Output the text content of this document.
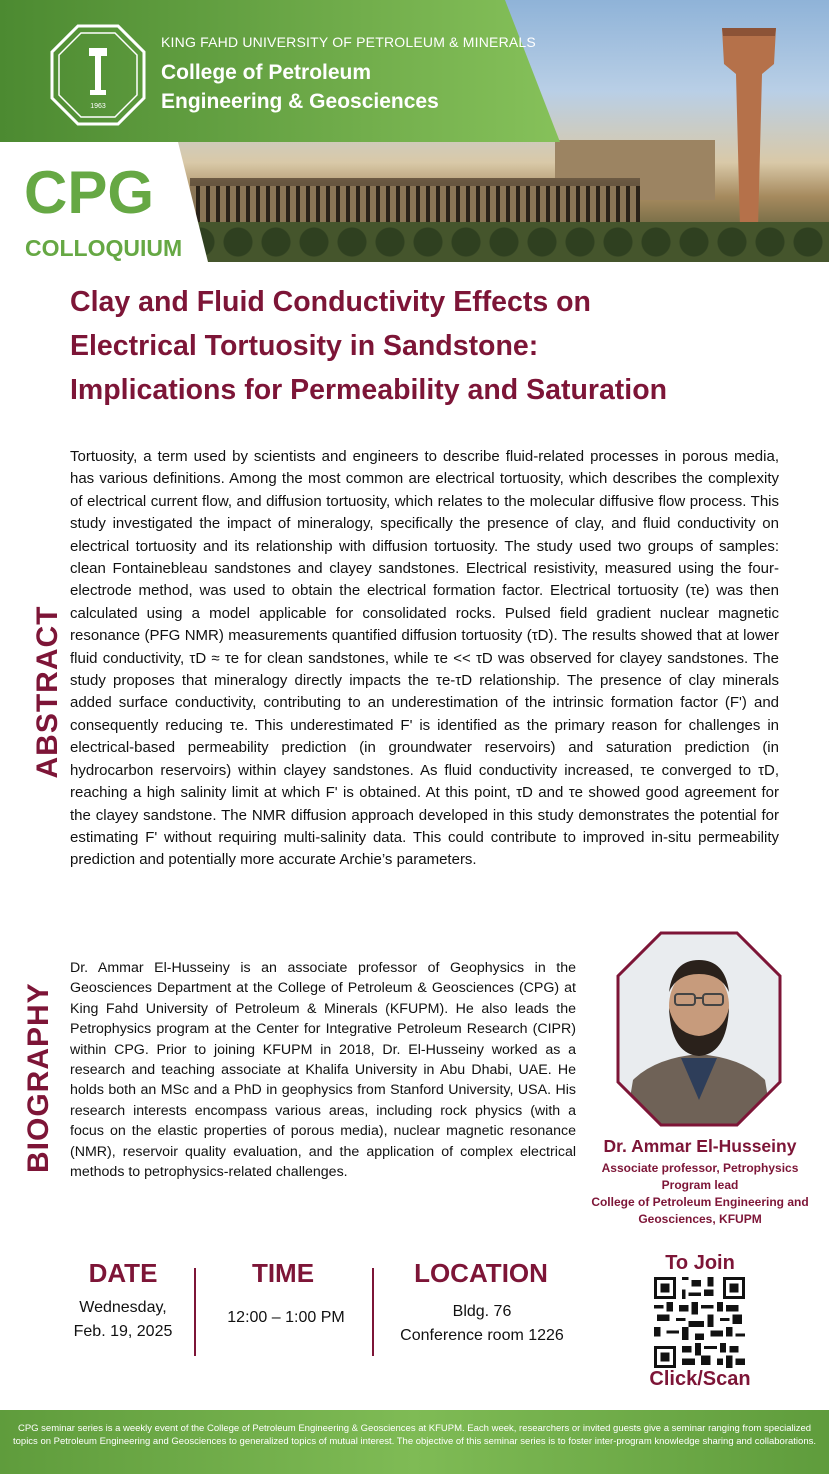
1963
KING FAHD UNIVERSITY OF PETROLEUM & MINERALS
College of Petroleum
Engineering & Geosciences
CPG
COLLOQUIUM
Clay and Fluid Conductivity Effects on
Electrical Tortuosity in Sandstone:
Implications for Permeability and Saturation
ABSTRACT
Tortuosity, a term used by scientists and engineers to describe fluid-related processes in porous media, has various definitions. Among the most common are electrical tortuosity, which describes the complexity of electrical current flow, and diffusion tortuosity, which relates to the molecular diffusive flow process. This study investigated the impact of mineralogy, specifically the presence of clay, and fluid conductivity on electrical tortuosity and its relationship with diffusion tortuosity. The study used two groups of samples: clean Fontainebleau sandstones and clayey sandstones. Electrical resistivity, measured using the four-electrode method, was used to obtain the electrical formation factor. Electrical tortuosity (τe) was then calculated using a model applicable for consolidated rocks. Pulsed field gradient nuclear magnetic resonance (PFG NMR) measurements quantified diffusion tortuosity (τD). The results showed that at lower fluid conductivity, τD ≈ τe for clean sandstones, while τe << τD was observed for clayey sandstones. The study proposes that mineralogy directly impacts the τe-τD relationship. The presence of clay minerals added surface conductivity, contributing to an underestimation of the intrinsic formation factor (F') and consequently reducing τe. This underestimated F' is identified as the primary reason for challenges in electrical-based permeability prediction (in groundwater reservoirs) and saturation prediction (in hydrocarbon reservoirs) within clayey sandstones. As fluid conductivity increased, τe converged to τD, reaching a high salinity limit at which F' is obtained. At this point, τD and τe showed good agreement for the clayey sandstone. The NMR diffusion approach developed in this study demonstrates the potential for estimating F' without requiring multi-salinity data. This could contribute to improved in-situ permeability prediction and potentially more accurate Archie’s parameters.
BIOGRAPHY
Dr. Ammar El-Husseiny is an associate professor of Geophysics in the Geosciences Department at the College of Petroleum & Geosciences (CPG) at King Fahd University of Petroleum & Minerals (KFUPM). He also leads the Petrophysics program at the Center for Integrative Petroleum Research (CIPR) within CPG. Prior to joining KFUPM in 2018, Dr. El-Husseiny worked as a research and teaching associate at Khalifa University in Abu Dhabi, UAE. He holds both an MSc and a PhD in geophysics from Stanford University, USA. His research interests encompass various areas, including rock physics (with a focus on the elastic properties of porous media), nuclear magnetic resonance (NMR), reservoir quality evaluation, and the application of complex electrical methods to petrophysics-related challenges.
Dr. Ammar El-Husseiny
Associate professor, Petrophysics
Program lead
College of Petroleum Engineering and
Geosciences, KFUPM
DATE
Wednesday,
Feb. 19, 2025
TIME
12:00 – 1:00 PM
LOCATION
Bldg. 76
Conference room 1226
To Join
Click/Scan
CPG seminar series is a weekly event of the College of Petroleum Engineering & Geosciences at KFUPM. Each week, researchers or invited guests give a seminar ranging from specialized topics on Petroleum Engineering and Geosciences to generalized topics of mutual interest. The objective of this seminar series is to foster inter-program knowledge sharing and collaborations.
